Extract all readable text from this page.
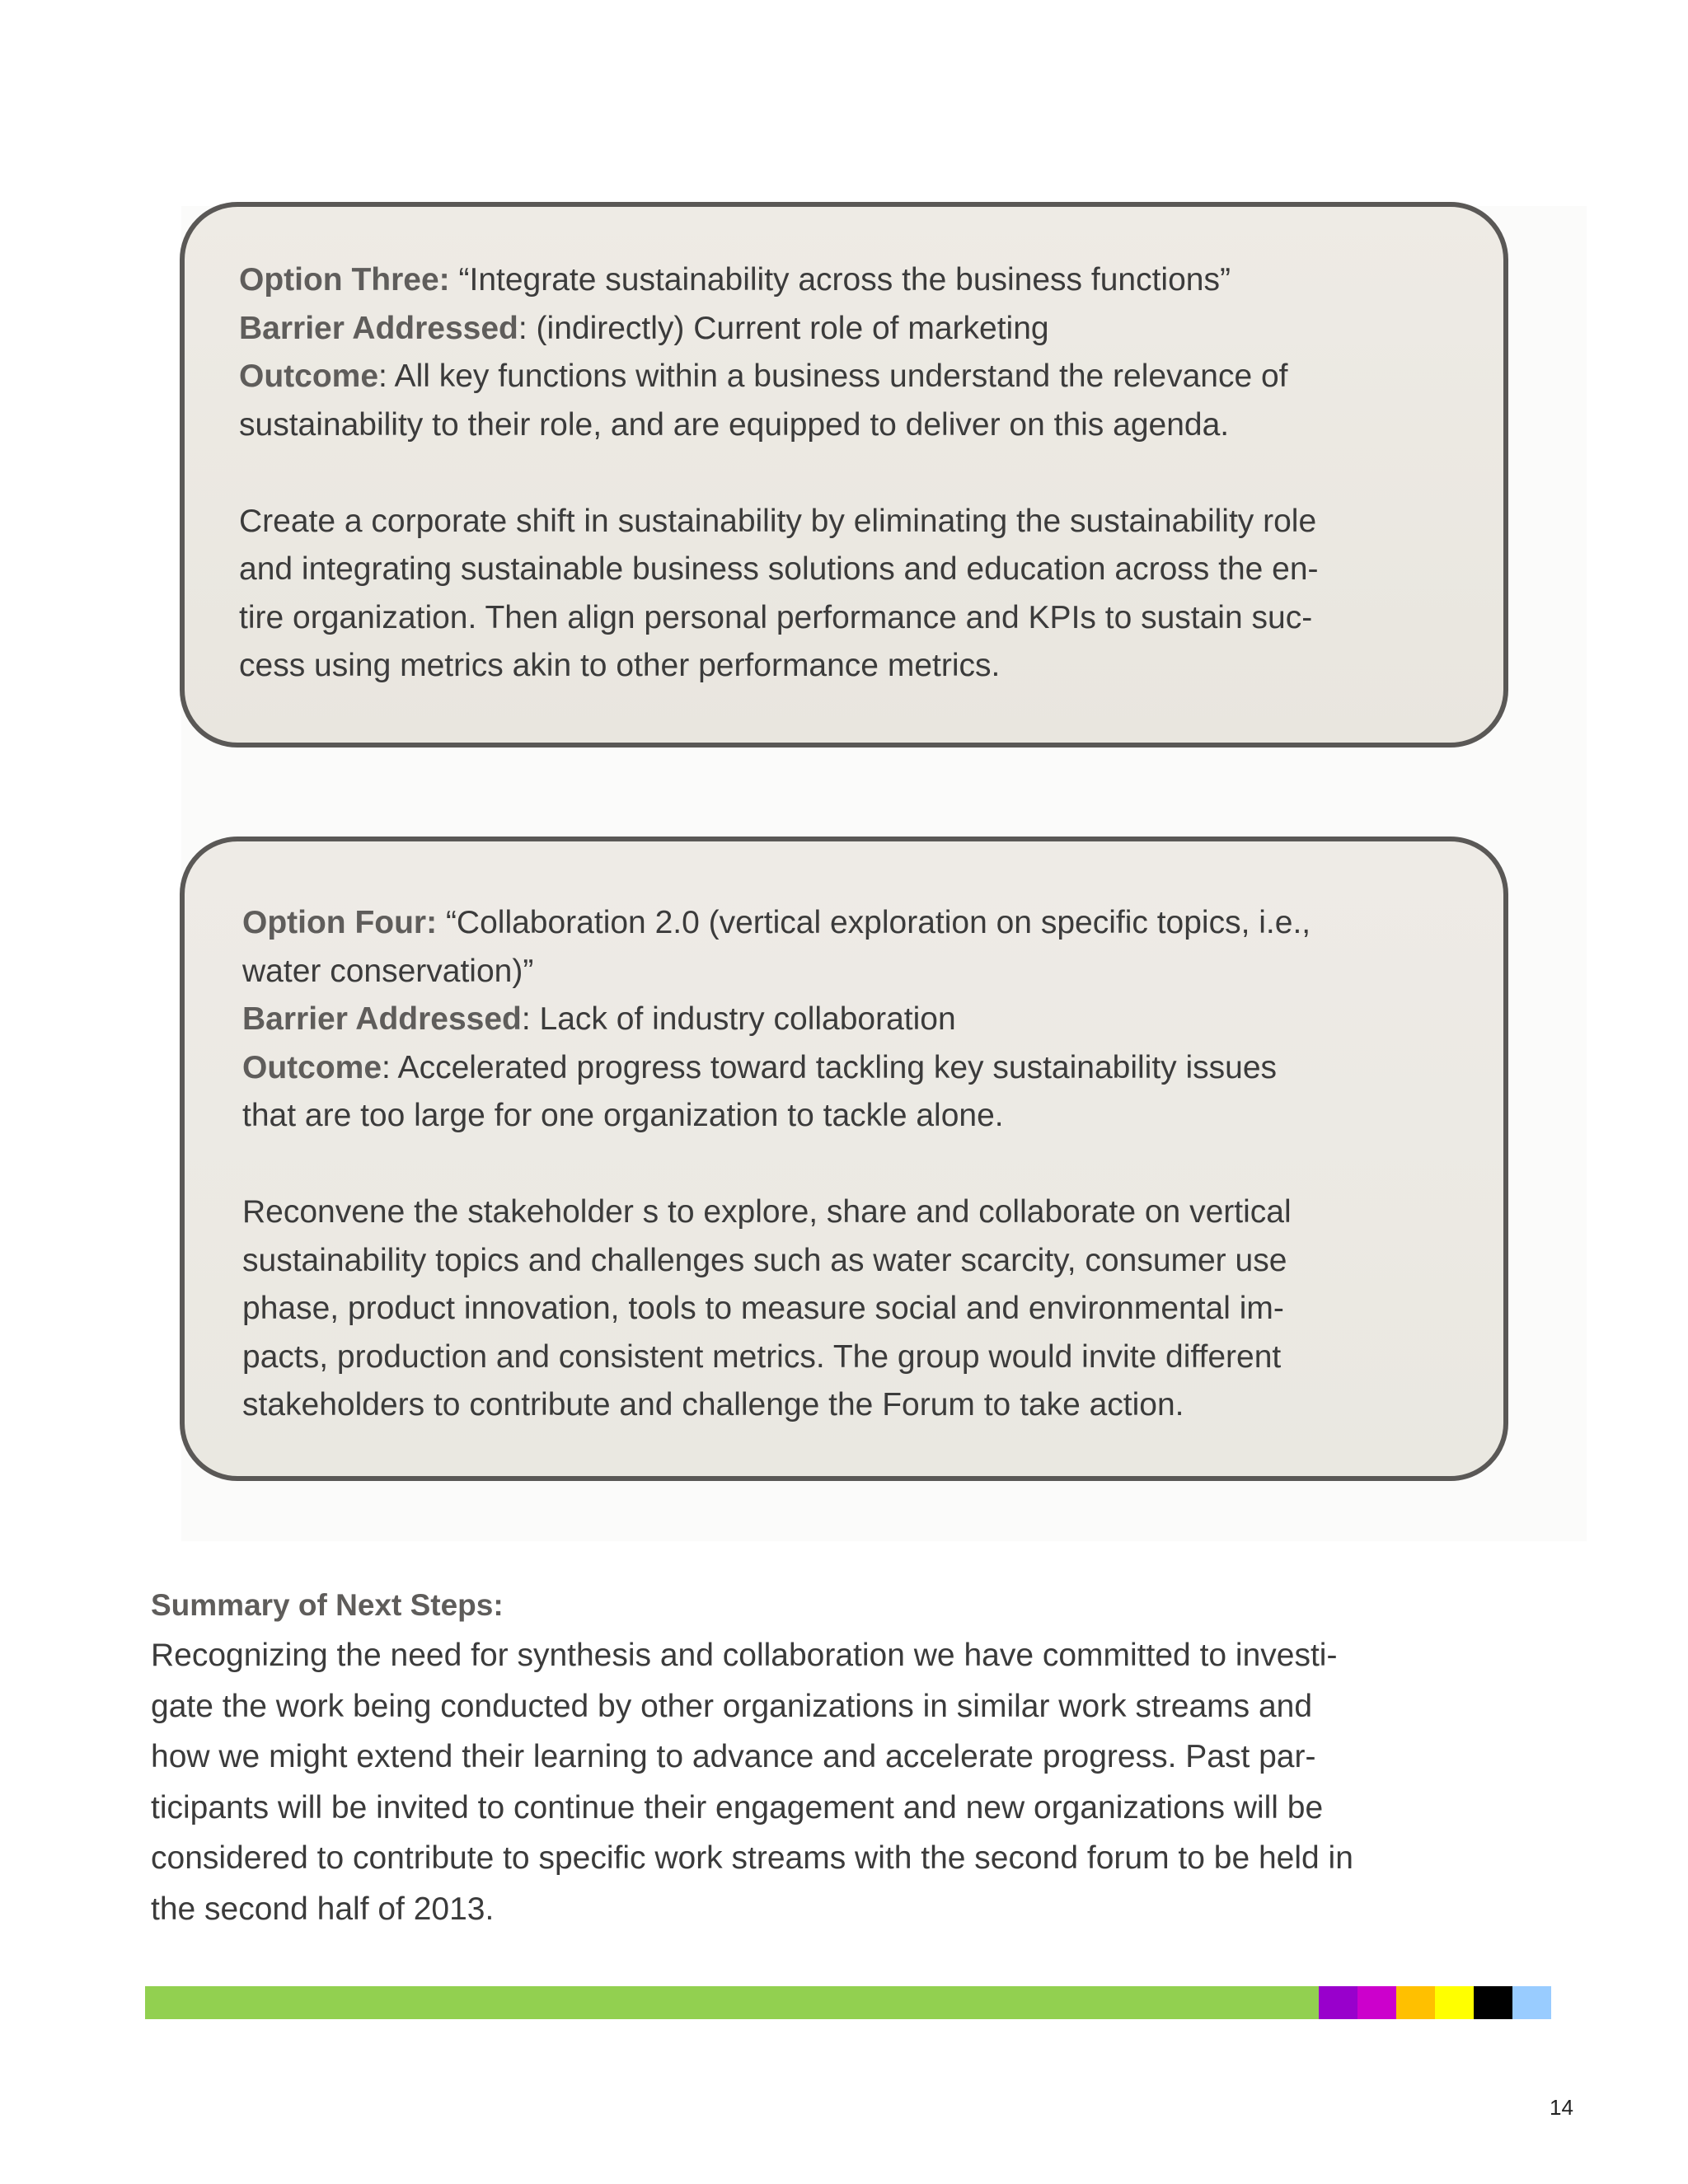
Option Three: “Integrate sustainability across the business functions”
Barrier Addressed: (indirectly) Current role of marketing
Outcome: All key functions within a business understand the relevance of
sustainability to their role, and are equipped to deliver on this agenda.
Create a corporate shift in sustainability by eliminating the sustainability role
and integrating sustainable business solutions and education across the en-
tire organization. Then align personal performance and KPIs to sustain suc-
cess using metrics akin to other performance metrics.
Option Four: “Collaboration 2.0 (vertical exploration on specific topics, i.e.,
water conservation)”
Barrier Addressed: Lack of industry collaboration
Outcome: Accelerated progress toward tackling key sustainability issues
that are too large for one organization to tackle alone.
Reconvene the stakeholder s to explore, share and collaborate on vertical
sustainability topics and challenges such as water scarcity, consumer use
phase, product innovation, tools to measure social and environmental im-
pacts, production and consistent metrics. The group would invite different
stakeholders to contribute and challenge the Forum to take action.
Summary of Next Steps:
Recognizing the need for synthesis and collaboration we have committed to investi-
gate the work being conducted by other organizations in similar work streams and
how we might extend their learning to advance and accelerate progress. Past par-
ticipants will be invited to continue their engagement and new organizations will be
considered to contribute to specific work streams with the second forum to be held in
the second half of 2013.
14
